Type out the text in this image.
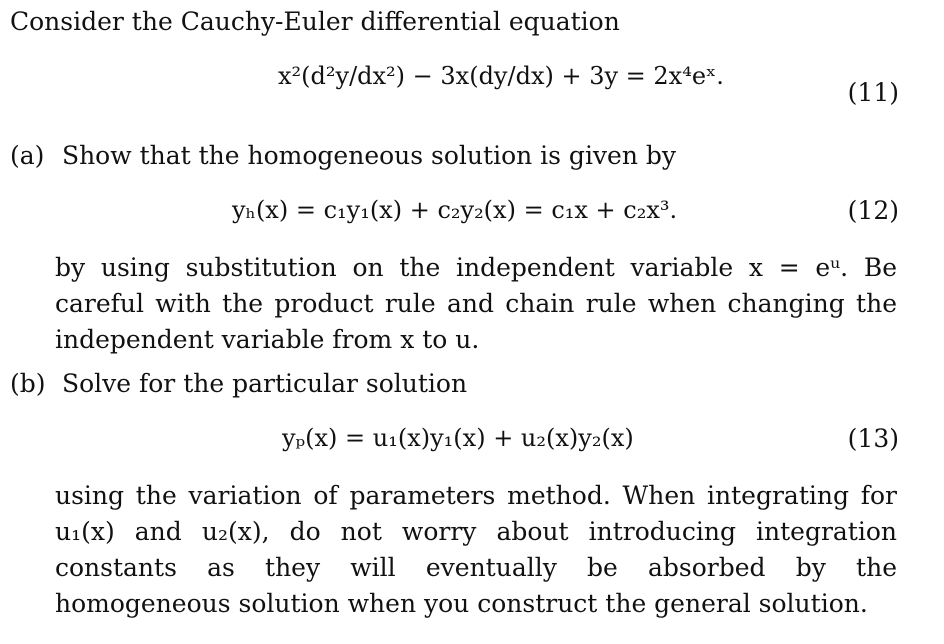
Consider the Cauchy-Euler differential equation
x²(d²y/dx²) − 3x(dy/dx) + 3y = 2x⁴eˣ.
(11)
(a) Show that the homogeneous solution is given by
yₕ(x) = c₁y₁(x) + c₂y₂(x) = c₁x + c₂x³.	(12)
by using substitution on the independent variable x = eᵘ. Be careful with the product rule and chain rule when changing the independent variable from x to u.
(b) Solve for the particular solution
yₚ(x) = u₁(x)y₁(x) + u₂(x)y₂(x)	(13)
using the variation of parameters method. When integrating for u₁(x) and u₂(x), do not worry about introducing integration constants as they will eventually be absorbed by the homogeneous solution when you construct the general solution.
